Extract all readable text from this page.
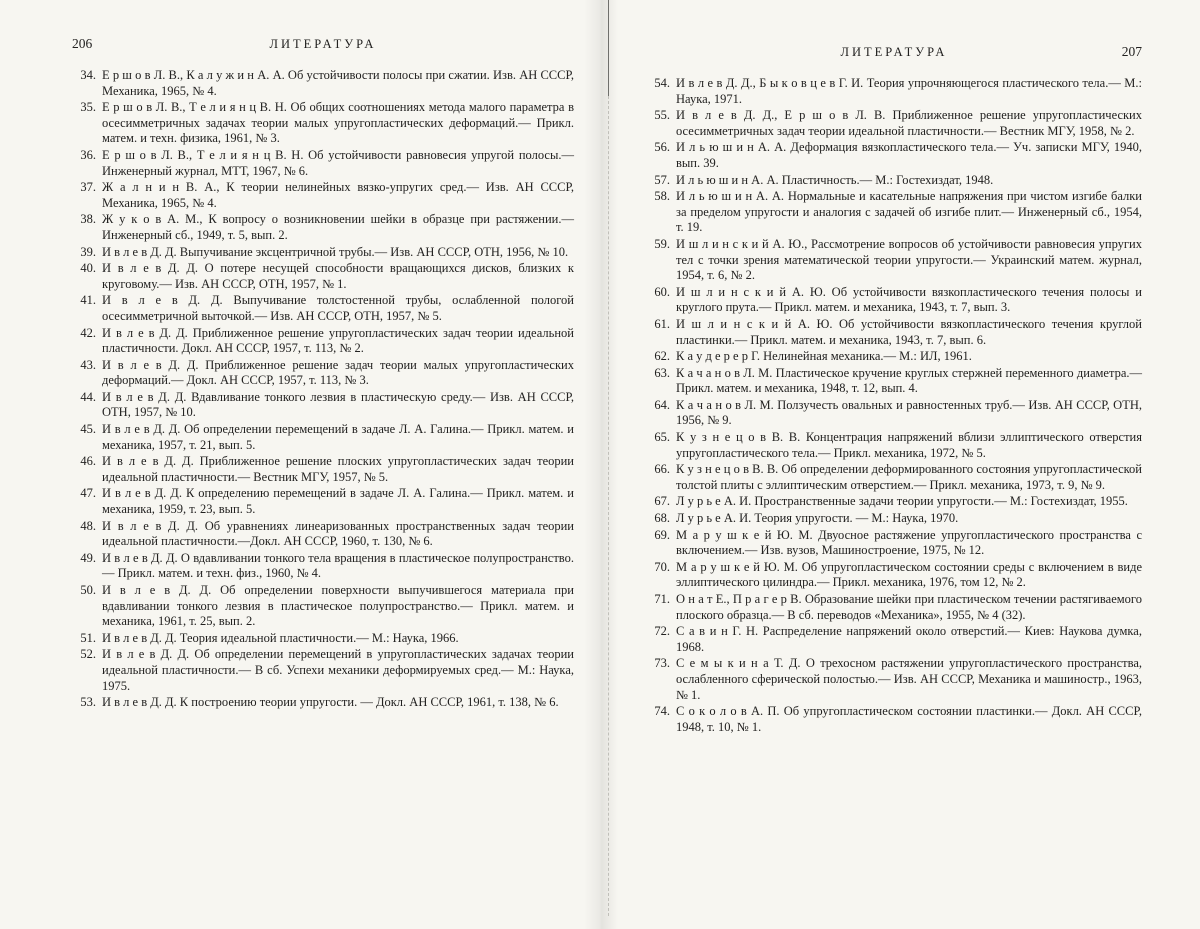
206	ЛИТЕРАТУРА
34. Е р ш о в Л. В., К а л у ж и н А. А. Об устойчивости полосы при сжатии. Изв. АН СССР, Механика, 1965, № 4.
35. Е р ш о в Л. В., Т е л и я н ц В. Н. Об общих соотношениях метода малого параметра в осесимметричных задачах теории малых упругопластических деформаций.— Прикл. матем. и техн. физика, 1961, № 3.
36. Е р ш о в Л. В., Т е л и я н ц В. Н. Об устойчивости равновесия упругой полосы.— Инженерный журнал, МТТ, 1967, № 6.
37. Ж а л н и н В. А., К теории нелинейных вязко-упругих сред.— Изв. АН СССР, Механика, 1965, № 4.
38. Ж у к о в А. М., К вопросу о возникновении шейки в образце при растяжении.— Инженерный сб., 1949, т. 5, вып. 2.
39. И в л е в Д. Д. Выпучивание эксцентричной трубы.— Изв. АН СССР, ОТН, 1956, № 10.
40. И в л е в Д. Д. О потере несущей способности вращающихся дисков, близких к круговому.— Изв. АН СССР, ОТН, 1957, № 1.
41. И в л е в Д. Д. Выпучивание толстостенной трубы, ослабленной пологой осесимметричной выточкой.— Изв. АН СССР, ОТН, 1957, № 5.
42. И в л е в Д. Д. Приближенное решение упругопластических задач теории идеальной пластичности. Докл. АН СССР, 1957, т. 113, № 2.
43. И в л е в Д. Д. Приближенное решение задач теории малых упругопластических деформаций.— Докл. АН СССР, 1957, т. 113, № 3.
44. И в л е в Д. Д. Вдавливание тонкого лезвия в пластическую среду.— Изв. АН СССР, ОТН, 1957, № 10.
45. И в л е в Д. Д. Об определении перемещений в задаче Л. А. Галина.— Прикл. матем. и механика, 1957, т. 21, вып. 5.
46. И в л е в Д. Д. Приближенное решение плоских упругопластических задач теории идеальной пластичности.— Вестник МГУ, 1957, № 5.
47. И в л е в Д. Д. К определению перемещений в задаче Л. А. Галина.— Прикл. матем. и механика, 1959, т. 23, вып. 5.
48. И в л е в Д. Д. Об уравнениях линеаризованных пространственных задач теории идеальной пластичности.—Докл. АН СССР, 1960, т. 130, № 6.
49. И в л е в Д. Д. О вдавливании тонкого тела вращения в пластическое полупространство.— Прикл. матем. и техн. физ., 1960, № 4.
50. И в л е в Д. Д. Об определении поверхности выпучившегося материала при вдавливании тонкого лезвия в пластическое полупространство.— Прикл. матем. и механика, 1961, т. 25, вып. 2.
51. И в л е в Д. Д. Теория идеальной пластичности.— М.: Наука, 1966.
52. И в л е в Д. Д. Об определении перемещений в упругопластических задачах теории идеальной пластичности.— В сб. Успехи механики деформируемых сред.— М.: Наука, 1975.
53. И в л е в Д. Д. К построению теории упругости. — Докл. АН СССР, 1961, т. 138, № 6.
ЛИТЕРАТУРА	207
54. И в л е в Д. Д., Б ы к о в ц е в Г. И. Теория упрочняющегося пластического тела.— М.: Наука, 1971.
55. И в л е в Д. Д., Е р ш о в Л. В. Приближенное решение упругопластических осесимметричных задач теории идеальной пластичности.— Вестник МГУ, 1958, № 2.
56. И л ь ю ш и н А. А. Деформация вязкопластического тела.— Уч. записки МГУ, 1940, вып. 39.
57. И л ь ю ш и н А. А. Пластичность.— М.: Гостехиздат, 1948.
58. И л ь ю ш и н А. А. Нормальные и касательные напряжения при чистом изгибе балки за пределом упругости и аналогия с задачей об изгибе плит.— Инженерный сб., 1954, т. 19.
59. И ш л и н с к и й А. Ю., Рассмотрение вопросов об устойчивости равновесия упругих тел с точки зрения математической теории упругости.— Украинский матем. журнал, 1954, т. 6, № 2.
60. И ш л и н с к и й А. Ю. Об устойчивости вязкопластического течения полосы и круглого прута.— Прикл. матем. и механика, 1943, т. 7, вып. 3.
61. И ш л и н с к и й А. Ю. Об устойчивости вязкопластического течения круглой пластинки.— Прикл. матем. и механика, 1943, т. 7, вып. 6.
62. К а у д е р е р Г. Нелинейная механика.— М.: ИЛ, 1961.
63. К а ч а н о в Л. М. Пластическое кручение круглых стержней переменного диаметра.— Прикл. матем. и механика, 1948, т. 12, вып. 4.
64. К а ч а н о в Л. М. Ползучесть овальных и равностенных труб.— Изв. АН СССР, ОТН, 1956, № 9.
65. К у з н е ц о в В. В. Концентрация напряжений вблизи эллиптического отверстия упругопластического тела.— Прикл. механика, 1972, № 5.
66. К у з н е ц о в В. В. Об определении деформированного состояния упругопластической толстой плиты с эллиптическим отверстием.— Прикл. механика, 1973, т. 9, № 9.
67. Л у р ь е А. И. Пространственные задачи теории упругости.— М.: Гостехиздат, 1955.
68. Л у р ь е А. И. Теория упругости. — М.: Наука, 1970.
69. М а р у ш к е й Ю. М. Двуосное растяжение упругопластического пространства с включением.— Изв. вузов, Машиностроение, 1975, № 12.
70. М а р у ш к е й Ю. М. Об упругопластическом состоянии среды с включением в виде эллиптического цилиндра.— Прикл. механика, 1976, том 12, № 2.
71. О н а т Е., П р а г е р В. Образование шейки при пластическом течении растягиваемого плоского образца.— В сб. переводов «Механика», 1955, № 4 (32).
72. С а в и н Г. Н. Распределение напряжений около отверстий.— Киев: Наукова думка, 1968.
73. С е м ы к и н а Т. Д. О трехосном растяжении упругопластического пространства, ослабленного сферической полостью.— Изв. АН СССР, Механика и машиностр., 1963, № 1.
74. С о к о л о в А. П. Об упругопластическом состоянии пластинки.— Докл. АН СССР, 1948, т. 10, № 1.
